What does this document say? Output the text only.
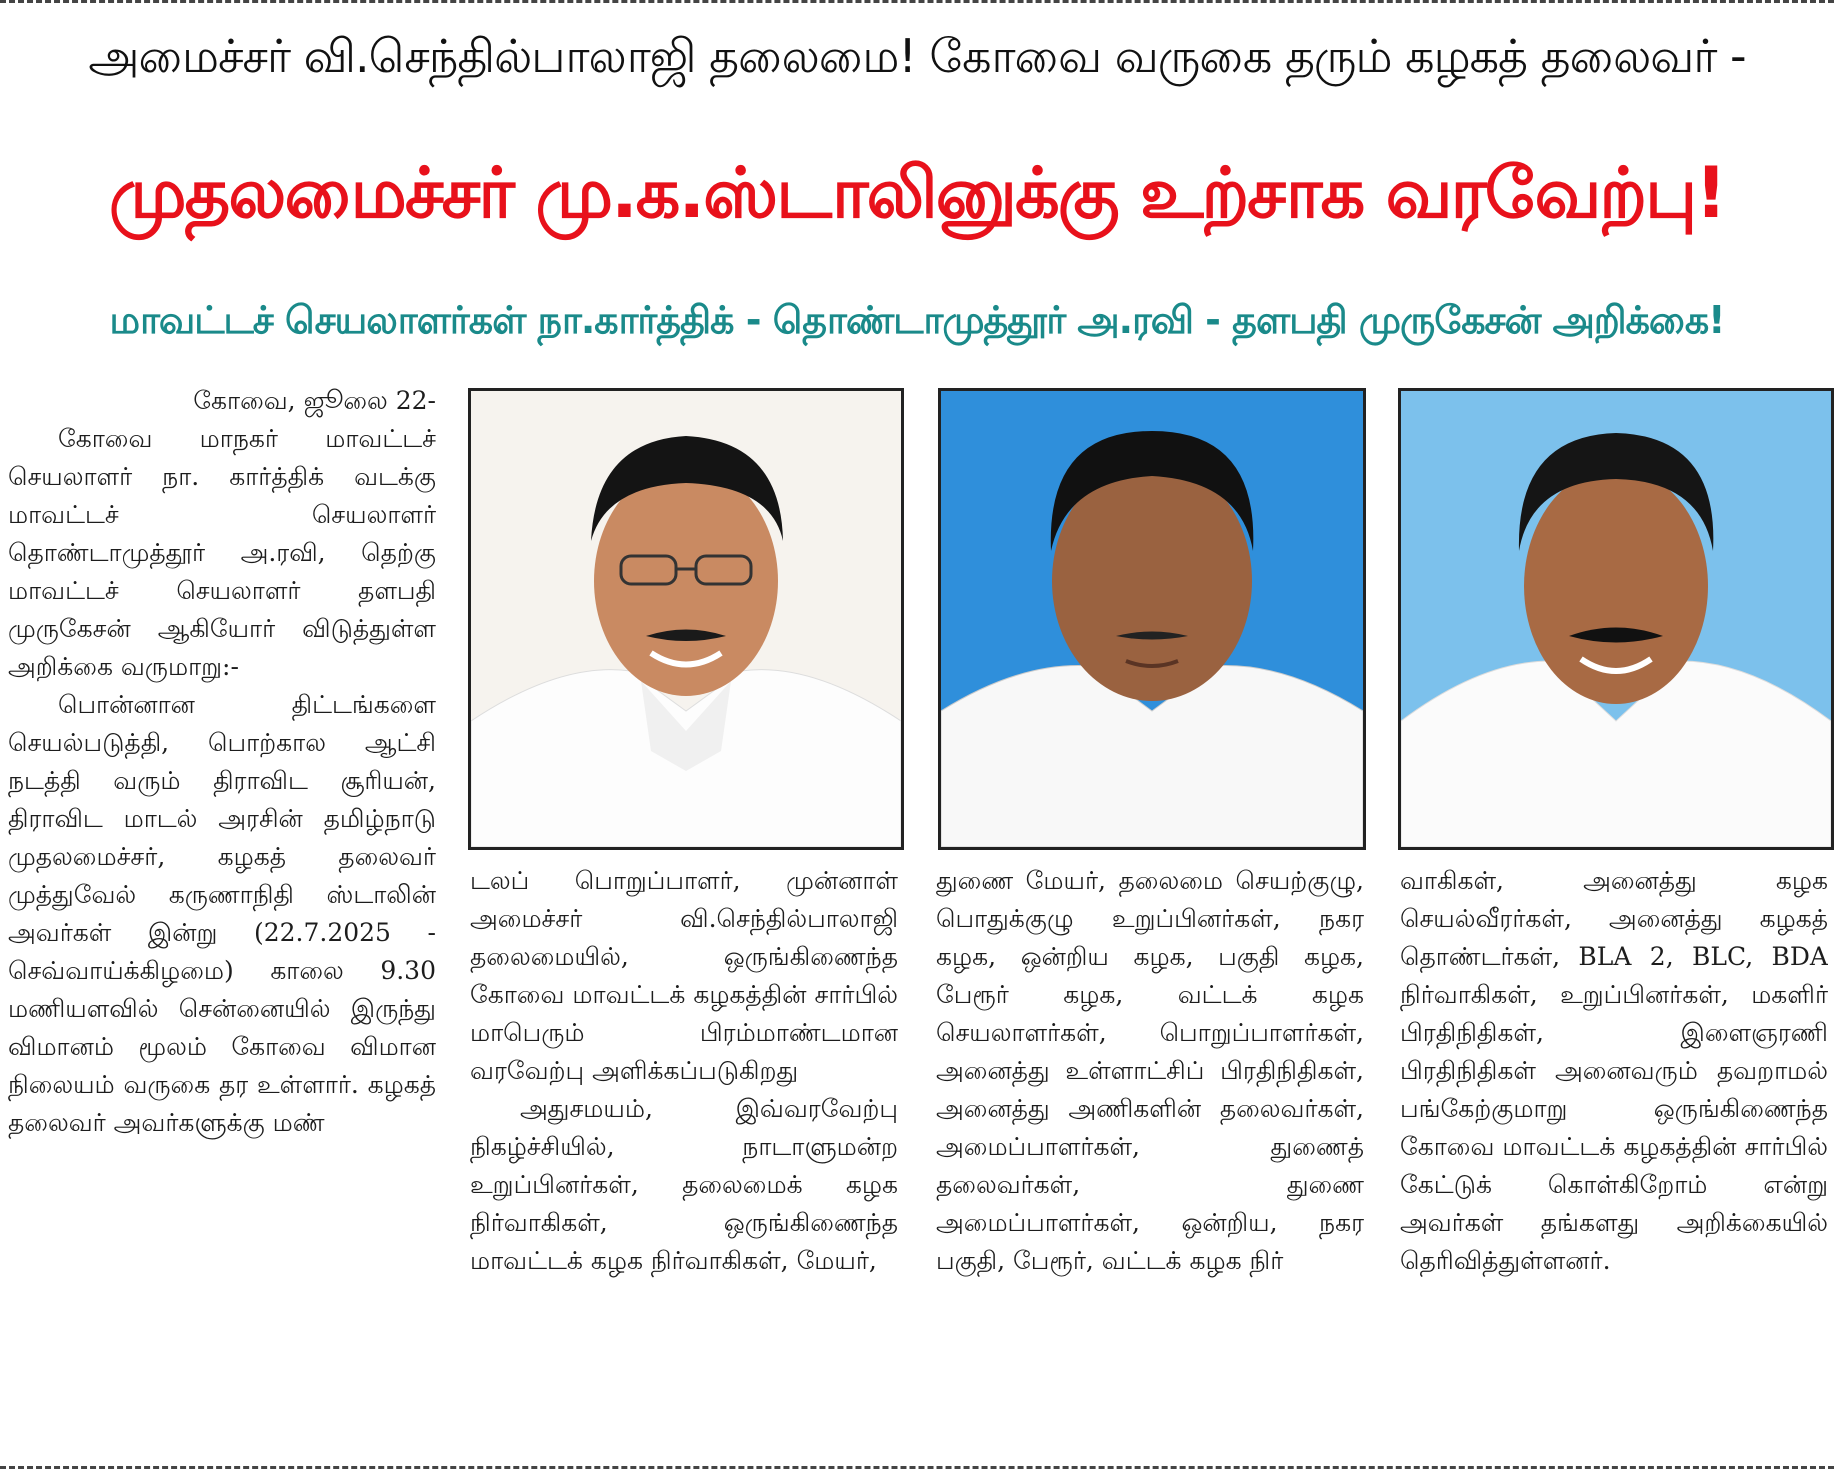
அமைச்சர் வி.செந்தில்பாலாஜி தலைமை! கோவை வருகை தரும் கழகத் தலைவர் -
முதலமைச்சர் மு.க.ஸ்டாலினுக்கு உற்சாக வரவேற்பு!
மாவட்டச் செயலாளர்கள் நா.கார்த்திக் - தொண்டாமுத்தூர் அ.ரவி - தளபதி முருகேசன் அறிக்கை!

கோவை, ஜூலை 22-

கோவை மாநகர் மாவட்டச் செயலாளர் நா. கார்த்திக் வடக்கு மாவட்டச் செயலாளர் தொண்டாமுத்தூர் அ.ரவி, தெற்கு மாவட்டச் செயலாளர் தளபதி முருகேசன் ஆகியோர் விடுத்துள்ள அறிக்கை வருமாறு:-

பொன்னான திட்டங்களை செயல்படுத்தி, பொற்கால ஆட்சி நடத்தி வரும் திராவிட சூரியன், திராவிட மாடல் அரசின் தமிழ்நாடு முதலமைச்சர், கழகத் தலைவர் முத்துவேல் கருணாநிதி ஸ்டாலின் அவர்கள் இன்று (22.7.2025 - செவ்வாய்க்கிழமை) காலை 9.30 மணியளவில் சென்னையில் இருந்து விமானம் மூலம் கோவை விமான நிலையம் வருகை தர உள்ளார். கழகத் தலைவர் அவர்களுக்கு மண்

டலப் பொறுப்பாளர், முன்னாள் அமைச்சர் வி.செந்தில்பாலாஜி தலைமையில், ஒருங்கிணைந்த கோவை மாவட்டக் கழகத்தின் சார்பில் மாபெரும் பிரம்மாண்டமான வரவேற்பு அளிக்கப்படுகிறது

அதுசமயம், இவ்வரவேற்பு நிகழ்ச்சியில், நாடாளுமன்ற உறுப்பினர்கள், தலைமைக் கழக நிர்வாகிகள், ஒருங்கிணைந்த மாவட்டக் கழக நிர்வாகிகள், மேயர்,

துணை மேயர், தலைமை செயற்குழு, பொதுக்குழு உறுப்பினர்கள், நகர கழக, ஒன்றிய கழக, பகுதி கழக, பேரூர் கழக, வட்டக் கழக செயலாளர்கள், பொறுப்பாளர்கள், அனைத்து உள்ளாட்சிப் பிரதிநிதிகள், அனைத்து அணிகளின் தலைவர்கள், அமைப்பாளர்கள், துணைத் தலைவர்கள், துணை அமைப்பாளர்கள், ஒன்றிய, நகர பகுதி, பேரூர், வட்டக் கழக நிர்

வாகிகள், அனைத்து கழக செயல்வீரர்கள், அனைத்து கழகத் தொண்டர்கள், BLA 2, BLC, BDA நிர்வாகிகள், உறுப்பினர்கள், மகளிர் பிரதிநிதிகள், இளைஞரணி பிரதிநிதிகள் அனைவரும் தவறாமல் பங்கேற்குமாறு ஒருங்கிணைந்த கோவை மாவட்டக் கழகத்தின் சார்பில் கேட்டுக் கொள்கிறோம் என்று அவர்கள் தங்களது அறிக்கையில் தெரிவித்துள்ளனர்.
